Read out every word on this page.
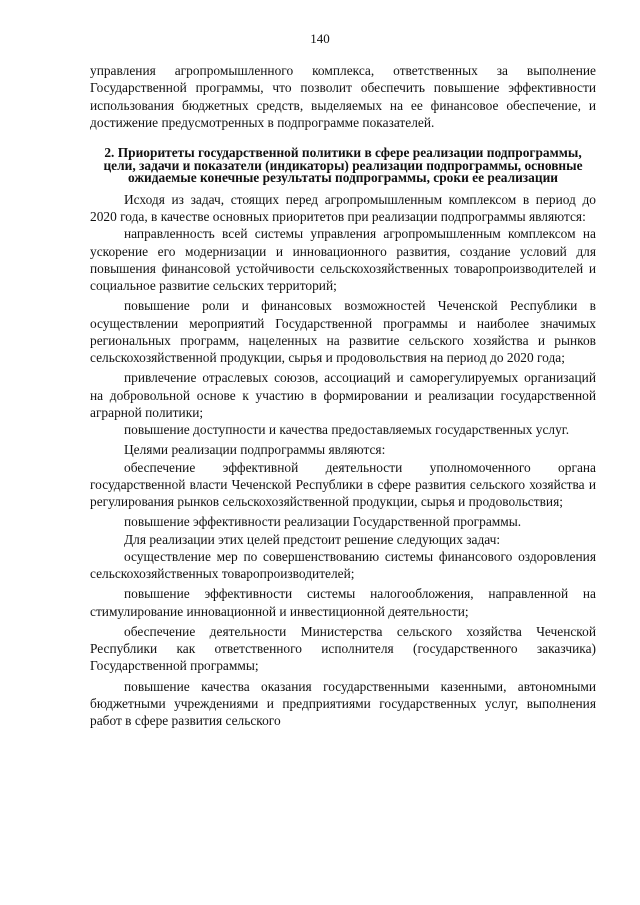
140

управления агропромышленного комплекса, ответственных за выполнение Государственной программы, что позволит обеспечить повышение эффективности использования бюджетных средств, выделяемых на ее финансовое обеспечение, и достижение предусмотренных в подпрограмме показателей.

2. Приоритеты государственной политики в сфере реализации подпрограммы, цели, задачи и показатели (индикаторы) реализации подпрограммы, основные ожидаемые конечные результаты подпрограммы, сроки ее реализации

Исходя из задач, стоящих перед агропромышленным комплексом в период до 2020 года, в качестве основных приоритетов при реализации подпрограммы являются:

направленность всей системы управления агропромышленным комплексом на ускорение его модернизации и инновационного развития, создание условий для повышения финансовой устойчивости сельскохозяйственных товаропроизводителей и социальное развитие сельских территорий;

повышение роли и финансовых возможностей Чеченской Республики в осуществлении мероприятий Государственной программы и наиболее значимых региональных программ, нацеленных на развитие сельского хозяйства и рынков сельскохозяйственной продукции, сырья и продовольствия на период до 2020 года;

привлечение отраслевых союзов, ассоциаций и саморегулируемых организаций на добровольной основе к участию в формировании и реализации государственной аграрной политики;

повышение доступности и качества предоставляемых государственных услуг.

Целями реализации подпрограммы являются:

обеспечение эффективной деятельности уполномоченного органа государственной власти Чеченской Республики в сфере развития сельского хозяйства и регулирования рынков сельскохозяйственной продукции, сырья и продовольствия;

повышение эффективности реализации Государственной программы.

Для реализации этих целей предстоит решение следующих задач:

осуществление мер по совершенствованию системы финансового оздоровления сельскохозяйственных товаропроизводителей;

повышение эффективности системы налогообложения, направленной на стимулирование инновационной и инвестиционной деятельности;

обеспечение деятельности Министерства сельского хозяйства Чеченской Республики как ответственного исполнителя (государственного заказчика) Государственной программы;

повышение качества оказания государственными казенными, автономными бюджетными учреждениями и предприятиями государственных услуг, выполнения работ в сфере развития сельского
